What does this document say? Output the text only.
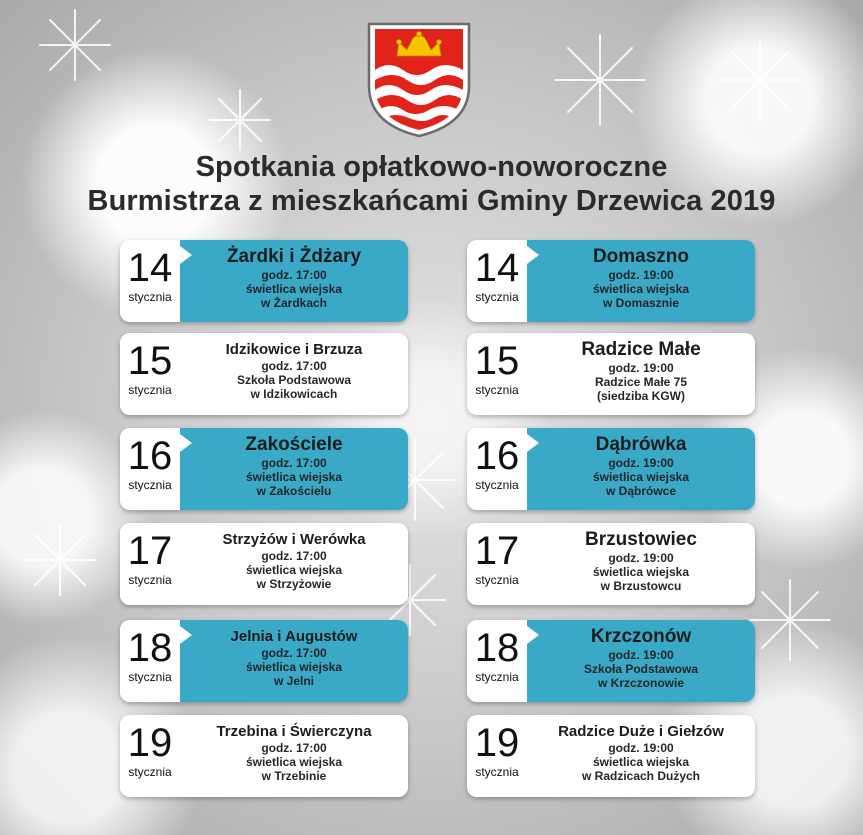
Spotkania opłatkowo-noworoczne
Burmistrza z mieszkańcami Gminy Drzewica 2019
14
stycznia
Żardki i Żdżary
godz. 17:00
świetlica wiejska
w Żardkach
14
stycznia
Domaszno
godz. 19:00
świetlica wiejska
w Domasznie
15
stycznia
Idzikowice i Brzuza
godz. 17:00
Szkoła Podstawowa
w Idzikowicach
15
stycznia
Radzice Małe
godz. 19:00
Radzice Małe 75
(siedziba KGW)
16
stycznia
Zakościele
godz. 17:00
świetlica wiejska
w Zakościelu
16
stycznia
Dąbrówka
godz. 19:00
świetlica wiejska
w Dąbrówce
17
stycznia
Strzyżów i Werówka
godz. 17:00
świetlica wiejska
w Strzyżowie
17
stycznia
Brzustowiec
godz. 19:00
świetlica wiejska
w Brzustowcu
18
stycznia
Jelnia i Augustów
godz. 17:00
świetlica wiejska
w Jelni
18
stycznia
Krzczonów
godz. 19:00
Szkoła Podstawowa
w Krzczonowie
19
stycznia
Trzebina i Świerczyna
godz. 17:00
świetlica wiejska
w Trzebinie
19
stycznia
Radzice Duże i Giełzów
godz. 19:00
świetlica wiejska
w Radzicach Dużych
